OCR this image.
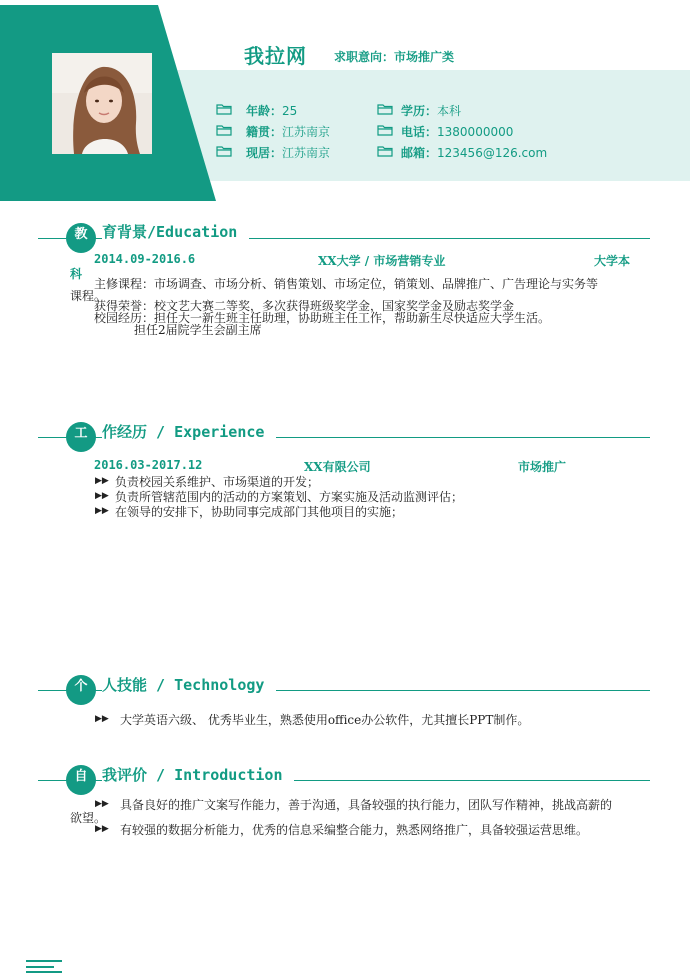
我拉网 求职意向：市场推广类
年龄：25	学历：本科
籍贯：江苏南京	电话：1380000000
现居：江苏南京	邮箱：123456@126.com
教 育背景/Education
2014.09-2016.6	XX大学 / 市场营销专业	大学本
科
主修课程：市场调查、市场分析、销售策划、市场定位，销策划、品牌推广、广告理论与实务等
课程。
获得荣誉：校文艺大赛二等奖，多次获得班级奖学金，国家奖学金及励志奖学金
校园经历：担任大一新生班主任助理，协助班主任工作，帮助新生尽快适应大学生活。
担任2届院学生会副主席
工 作经历 / Experience
2016.03-2017.12	XX有限公司	市场推广
▶▶ 负责校园关系维护、市场渠道的开发；
▶▶ 负责所管辖范围内的活动的方案策划、方案实施及活动监测评估；
▶▶ 在领导的安排下，协助同事完成部门其他项目的实施；
个 人技能 / Technology
▶▶ 大学英语六级、 优秀毕业生，熟悉使用office办公软件，尤其擅长PPT制作。
自 我评价 / Introduction
▶▶ 具备良好的推广文案写作能力，善于沟通，具备较强的执行能力，团队写作精神，挑战高薪的
欲望。
▶▶ 有较强的数据分析能力，优秀的信息采编整合能力，熟悉网络推广，具备较强运营思维。
